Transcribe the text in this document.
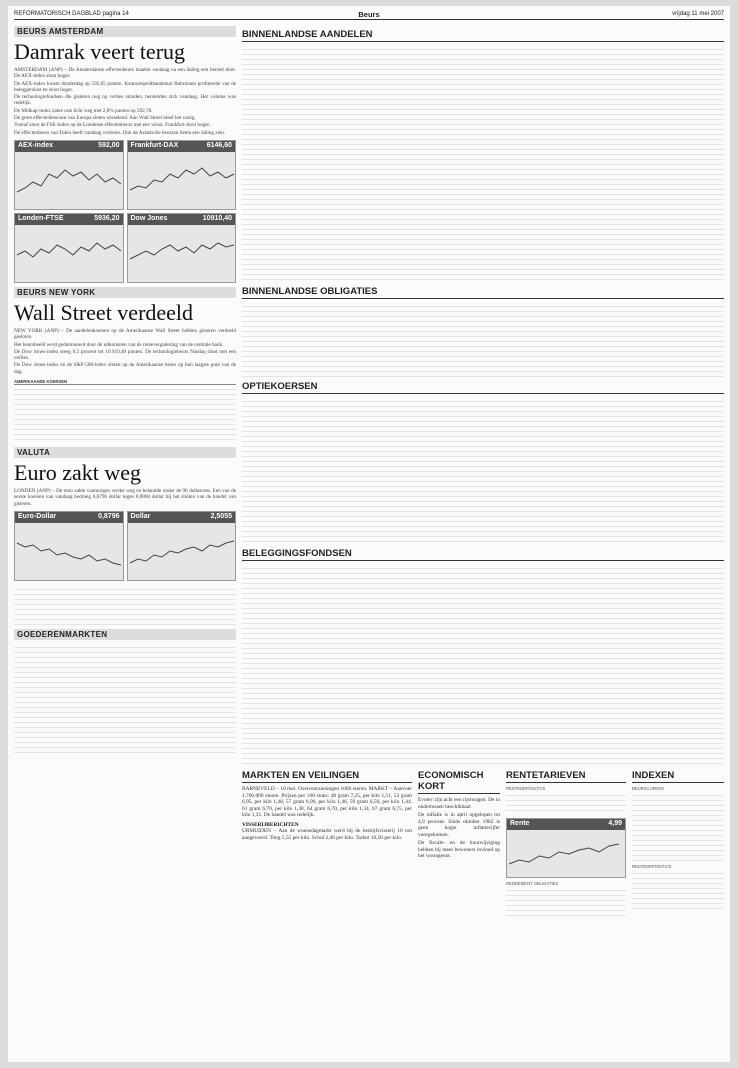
REFORMATORISCH DAGBLAD pagina 14	Beurs	vrijdag 11 mei 2007
BEURS AMSTERDAM
Damrak veert terug

AMSTERDAM (ANP) – De Amsterdamse effectenbeurs maakte vandaag na een daling een herstel door. De AEX-index sloot hoger.

De AEX-index kwam donderdag op 592,05 punten. Kantoorspeldhandelaar Buhrmann profiteerde van de beleggerslust en sloot hoger.

De technologiefondsen die gisteren nog op verlies stonden, herstelden zich vandaag. Het volume was redelijk.

De Midkap-index zakte ook licht weg met 2,8% punten op 592,78.

De grote effectenbeurzen van Europa sloten wisselend. Aan Wall Street bleef het rustig.

Vooraf sloot de FSE-index op de Londense effectenbeurs met een winst. Frankfurt sloot hoger.

De effectenbeurs van Tokio heeft vandaag verloren. Ook de Aziatische beurzen lieten een daling zien.

AEX-index	592,00 Frankfurt-DAX	6146,60
Londen-FTSE	5936,20 Dow Jones	10910,40
BEURS NEW YORK
Wall Street verdeeld

NEW YORK (ANP) – De aandelenkoersen op de Amerikaanse Wall Street hebben gisteren verdeeld gesloten.

Het beursbeeld werd gedomineerd door de uitkomsten van de rentevergadering van de centrale bank.

De Dow Jones-index steeg 0,3 procent tot 10.910,40 punten. De technologiebeurs Nasdaq sloot met een verlies.

De Dow Jones-index en de S&P-500-index sloten op de Amerikaanse beurs op hun laagste punt van de dag.

AMERIKAANSE KOERSEN
VALUTA
Euro zakt weg

LONDEN (ANP) – De euro zakte vanmorgen verder weg en belandde onder de 90 dollarcent. Een van de eerste koersen van vandaag bedroeg 0,8796 dollar tegen 0,8800 dollar bij het sluiten van de handel van gisteren.

Euro-Dollar	0,8796 Dollar	2,5055
GOEDERENMARKTEN
BINNENLANDSE AANDELEN
BINNENLANDSE OBLIGATIES
OPTIEKOERSEN
BELEGGINGSFONDSEN
MARKTEN EN VEILINGEN
BARNEVELD – 10 mei. Oostvoorzieningen 1000 eieren. MARKT – Aanvoer 1.700.000 eieren. Prijzen per 100 stuks: 48 gram 7,25, per kilo 1,51, 53 gram 6,95, per kilo 1,48, 57 gram 6,90, per kilo 1,46, 59 gram 6,50, per kilo 1,44, 61 gram 6,70, per kilo 1,38, 64 gram 6,70, per kilo 1,34, 67 gram 6,75, per kilo 1,31. De handel was redelijk.
VISSERIJBERICHTEN
URMUIDEN – Aan de woensdagmarkt werd bij de bedrijfsvisserij 10 ton aangevoerd. Tong 5,55 per kilo. Schol 2,40 per kilo. Tarbot 10,50 per kilo.
ECONOMISCH KORT
Evotec zijn acht een rijstwagen. De in ondertussen beschikbaar.
De inflatie is in april opgelopen tot 4,9 procent. Sinds oktober 1982 is geen hoger inflatiecijfer voorgekomen.
De fiscale- en de huurwijziging hebben bij meer bewoners invloed op het woongenot.
RENTETARIEVEN
RENTEDEPOSITO'S
Rente	4,99
RENDEMENT OBLIGATIES
INDEXEN
BEURSCIJFERS
RENTEDEPOSITO'S
